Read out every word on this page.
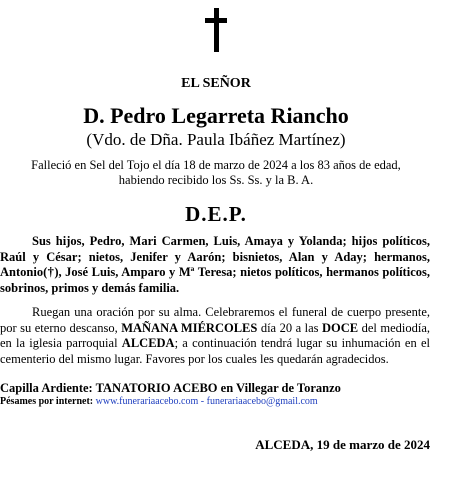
EL SEÑOR
D. Pedro Legarreta Riancho
(Vdo. de Dña. Paula Ibáñez Martínez)
Falleció en Sel del Tojo el día 18 de marzo de 2024 a los 83 años de edad,
habiendo recibido los Ss. Ss. y la B. A.
D.E.P.
Sus hijos, Pedro, Mari Carmen, Luis, Amaya y Yolanda; hijos políticos, Raúl y César; nietos, Jenifer y Aarón; bisnietos, Alan y Aday; hermanos, Antonio(†), José Luis, Amparo y Mª Teresa; nietos políticos, hermanos políticos, sobrinos, primos y demás familia.
Ruegan una oración por su alma. Celebraremos el funeral de cuerpo presente, por su eterno descanso, MAÑANA MIÉRCOLES día 20 a las DOCE del mediodía, en la iglesia parroquial ALCEDA; a continuación tendrá lugar su inhumación en el cementerio del mismo lugar. Favores por los cuales les quedarán agradecidos.
Capilla Ardiente: TANATORIO ACEBO en Villegar de Toranzo
Pésames por internet: www.funerariaacebo.com - funerariaacebo@gmail.com
ALCEDA, 19 de marzo de 2024
